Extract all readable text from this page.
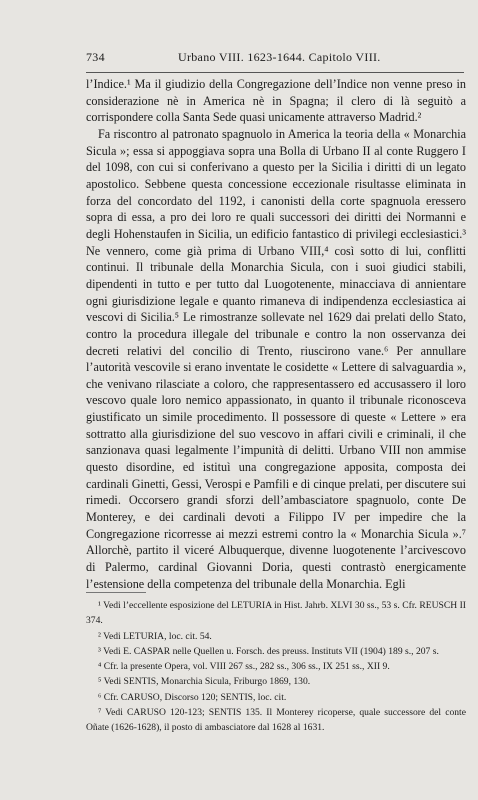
734	Urbano VIII. 1623-1644. Capitolo VIII.

l’Indice.¹ Ma il giudizio della Congregazione dell’Indice non venne preso in considerazione nè in America nè in Spagna; il clero di là seguitò a corrispondere colla Santa Sede quasi unicamente attraverso Madrid.²

Fa riscontro al patronato spagnuolo in America la teoria della « Monarchia Sicula »; essa si appoggiava sopra una Bolla di Urbano II al conte Ruggero I del 1098, con cui si conferivano a questo per la Sicilia i diritti di un legato apostolico. Sebbene questa concessione eccezionale risultasse eliminata in forza del concordato del 1192, i canonisti della corte spagnuola eressero sopra di essa, a pro dei loro re quali successori dei diritti dei Normanni e degli Hohenstaufen in Sicilia, un edificio fantastico di privilegi ecclesiastici.³ Ne vennero, come già prima di Urbano VIII,⁴ così sotto di lui, conflitti continui. Il tribunale della Monarchia Sicula, con i suoi giudici stabili, dipendenti in tutto e per tutto dal Luogotenente, minacciava di annientare ogni giurisdizione legale e quanto rimaneva di indipendenza ecclesiastica ai vescovi di Sicilia.⁵ Le rimostranze sollevate nel 1629 dai prelati dello Stato, contro la procedura illegale del tribunale e contro la non osservanza dei decreti relativi del concilio di Trento, riuscirono vane.⁶ Per annullare l’autorità vescovile si erano inventate le cosidette « Lettere di salvaguardia », che venivano rilasciate a coloro, che rappresentassero ed accusassero il loro vescovo quale loro nemico appassionato, in quanto il tribunale riconosceva giustificato un simile procedimento. Il possessore di queste « Lettere » era sottratto alla giurisdizione del suo vescovo in affari civili e criminali, il che sanzionava quasi legalmente l’impunità di delitti. Urbano VIII non ammise questo disordine, ed istituì una congregazione apposita, composta dei cardinali Ginetti, Gessi, Verospi e Pamfili e di cinque prelati, per discutere sui rimedi. Occorsero grandi sforzi dell’ambasciatore spagnuolo, conte De Monterey, e dei cardinali devoti a Filippo IV per impedire che la Congregazione ricorresse ai mezzi estremi contro la « Monarchia Sicula ».⁷ Allorchè, partito il viceré Albuquerque, divenne luogotenente l’arcivescovo di Palermo, cardinal Giovanni Doria, questi contrastò energicamente l’estensione della competenza del tribunale della Monarchia. Egli

¹ Vedi l’eccellente esposizione del LETURIA in Hist. Jahrb. XLVI 30 ss., 53 s. Cfr. REUSCH II 374.
² Vedi LETURIA, loc. cit. 54.
³ Vedi E. CASPAR nelle Quellen u. Forsch. des preuss. Instituts VII (1904) 189 s., 207 s.
⁴ Cfr. la presente Opera, vol. VIII 267 ss., 282 ss., 306 ss., IX 251 ss., XII 9.
⁵ Vedi SENTIS, Monarchia Sicula, Friburgo 1869, 130.
⁶ Cfr. CARUSO, Discorso 120; SENTIS, loc. cit.
⁷ Vedi CARUSO 120-123; SENTIS 135. Il Monterey ricoperse, quale successore del conte Oñate (1626-1628), il posto di ambasciatore dal 1628 al 1631.
